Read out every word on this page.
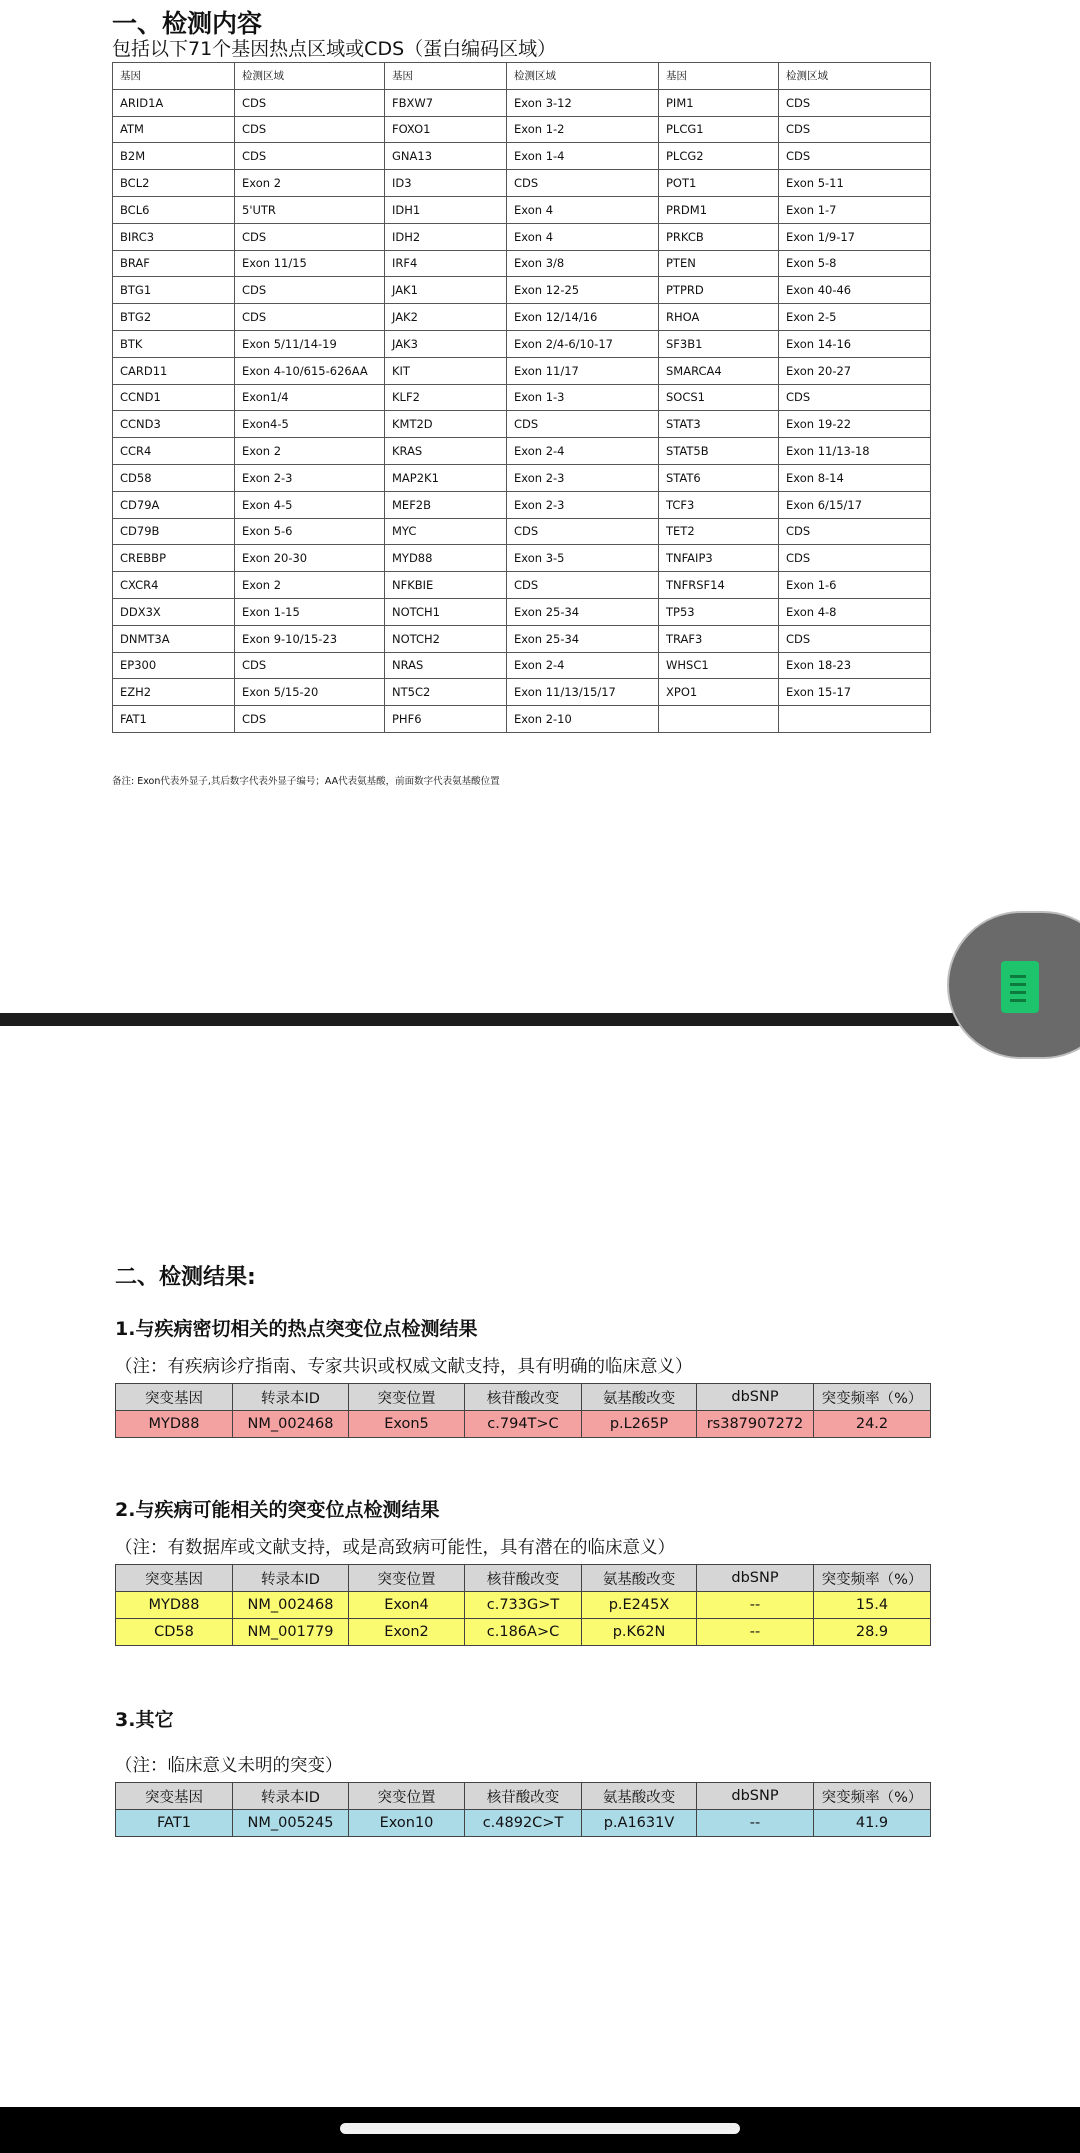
一、检测内容

包括以下71个基因热点区域或CDS（蛋白编码区域）

基因	检测区域	基因	检测区域	基因	检测区域
ARID1A	CDS	FBXW7	Exon 3-12	PIM1	CDS
ATM	CDS	FOXO1	Exon 1-2	PLCG1	CDS
B2M	CDS	GNA13	Exon 1-4	PLCG2	CDS
BCL2	Exon 2	ID3	CDS	POT1	Exon 5-11
BCL6	5'UTR	IDH1	Exon 4	PRDM1	Exon 1-7
BIRC3	CDS	IDH2	Exon 4	PRKCB	Exon 1/9-17
BRAF	Exon 11/15	IRF4	Exon 3/8	PTEN	Exon 5-8
BTG1	CDS	JAK1	Exon 12-25	PTPRD	Exon 40-46
BTG2	CDS	JAK2	Exon 12/14/16	RHOA	Exon 2-5
BTK	Exon 5/11/14-19	JAK3	Exon 2/4-6/10-17	SF3B1	Exon 14-16
CARD11	Exon 4-10/615-626AA	KIT	Exon 11/17	SMARCA4	Exon 20-27
CCND1	Exon1/4	KLF2	Exon 1-3	SOCS1	CDS
CCND3	Exon4-5	KMT2D	CDS	STAT3	Exon 19-22
CCR4	Exon 2	KRAS	Exon 2-4	STAT5B	Exon 11/13-18
CD58	Exon 2-3	MAP2K1	Exon 2-3	STAT6	Exon 8-14
CD79A	Exon 4-5	MEF2B	Exon 2-3	TCF3	Exon 6/15/17
CD79B	Exon 5-6	MYC	CDS	TET2	CDS
CREBBP	Exon 20-30	MYD88	Exon 3-5	TNFAIP3	CDS
CXCR4	Exon 2	NFKBIE	CDS	TNFRSF14	Exon 1-6
DDX3X	Exon 1-15	NOTCH1	Exon 25-34	TP53	Exon 4-8
DNMT3A	Exon 9-10/15-23	NOTCH2	Exon 25-34	TRAF3	CDS
EP300	CDS	NRAS	Exon 2-4	WHSC1	Exon 18-23
EZH2	Exon 5/15-20	NT5C2	Exon 11/13/15/17	XPO1	Exon 15-17
FAT1	CDS	PHF6	Exon 2-10		

备注: Exon代表外显子,其后数字代表外显子编号；AA代表氨基酸，前面数字代表氨基酸位置

二、检测结果:
1.与疾病密切相关的热点突变位点检测结果

（注：有疾病诊疗指南、专家共识或权威文献支持，具有明确的临床意义）

突变基因	转录本ID	突变位置	核苷酸改变	氨基酸改变	dbSNP	突变频率（%）
MYD88	NM_002468	Exon5	c.794T>C	p.L265P	rs387907272	24.2
2.与疾病可能相关的突变位点检测结果

（注：有数据库或文献支持，或是高致病可能性，具有潜在的临床意义）

突变基因	转录本ID	突变位置	核苷酸改变	氨基酸改变	dbSNP	突变频率（%）
MYD88	NM_002468	Exon4	c.733G>T	p.E245X	--	15.4
CD58	NM_001779	Exon2	c.186A>C	p.K62N	--	28.9
3.其它

（注：临床意义未明的突变）

突变基因	转录本ID	突变位置	核苷酸改变	氨基酸改变	dbSNP	突变频率（%）
FAT1	NM_005245	Exon10	c.4892C>T	p.A1631V	--	41.9
